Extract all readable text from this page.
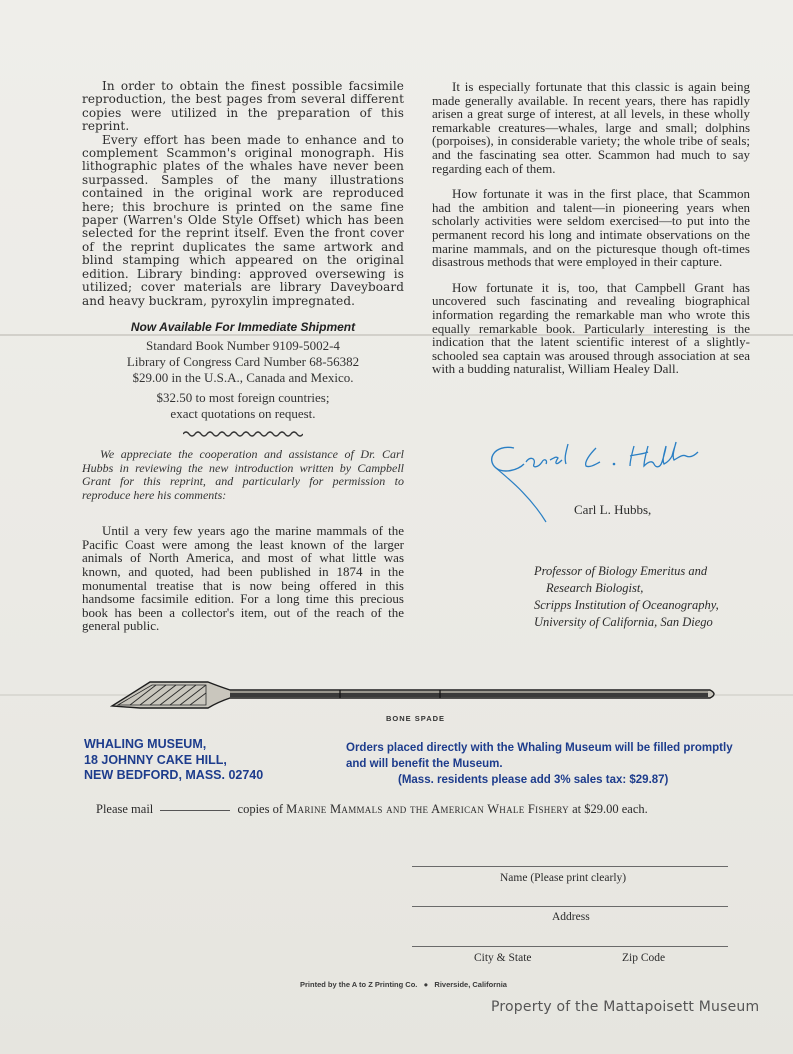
In order to obtain the finest possible facsimile reproduction, the best pages from several different copies were utilized in the preparation of this reprint.

Every effort has been made to enhance and to complement Scammon's original monograph. His lithographic plates of the whales have never been surpassed. Samples of the many illustrations contained in the original work are reproduced here; this brochure is printed on the same fine paper (Warren's Olde Style Offset) which has been selected for the reprint itself. Even the front cover of the reprint duplicates the same artwork and blind stamping which appeared on the original edition. Library binding: approved oversewing is utilized; cover materials are library Daveyboard and heavy buckram, pyroxylin impregnated.

Now Available For Immediate Shipment
Standard Book Number 9109-5002-4
Library of Congress Card Number 68-56382
$29.00 in the U.S.A., Canada and Mexico.
$32.50 to most foreign countries;
exact quotations on request.

We appreciate the cooperation and assistance of Dr. Carl Hubbs in reviewing the new introduction written by Campbell Grant for this reprint, and particularly for permission to reproduce here his comments:

Until a very few years ago the marine mammals of the Pacific Coast were among the least known of the larger animals of North America, and most of what little was known, and quoted, had been published in 1874 in the monumental treatise that is now being offered in this handsome facsimile edition. For a long time this precious book has been a collector's item, out of the reach of the general public.

It is especially fortunate that this classic is again being made generally available. In recent years, there has rapidly arisen a great surge of interest, at all levels, in these wholly remarkable creatures—whales, large and small; dolphins (porpoises), in considerable variety; the whole tribe of seals; and the fascinating sea otter. Scammon had much to say regarding each of them.

How fortunate it was in the first place, that Scammon had the ambition and talent—in pioneering years when scholarly activities were seldom exercised—to put into the permanent record his long and intimate observations on the marine mammals, and on the picturesque though oft-times disastrous methods that were employed in their capture.

How fortunate it is, too, that Campbell Grant has uncovered such fascinating and revealing biographical information regarding the remarkable man who wrote this equally remarkable book. Particularly interesting is the indication that the latent scientific interest of a slightly-schooled sea captain was aroused through association at sea with a budding naturalist, William Healey Dall.

Carl L. Hubbs,
Professor of Biology Emeritus and
Research Biologist,
Scripps Institution of Oceanography,
University of California, San Diego
BONE SPADE
WHALING MUSEUM,
18 JOHNNY CAKE HILL,
NEW BEDFORD, MASS. 02740
Orders placed directly with the Whaling Museum will be filled promptly
and will benefit the Museum.
(Mass. residents please add 3% sales tax: $29.87)
Please mail	copies of Marine Mammals and the American Whale Fishery at $29.00 each.
Name (Please print clearly)
Address
City & State	Zip Code
Printed by the A to Z Printing Co.   ●   Riverside, California
Property of the Mattapoisett Museum
